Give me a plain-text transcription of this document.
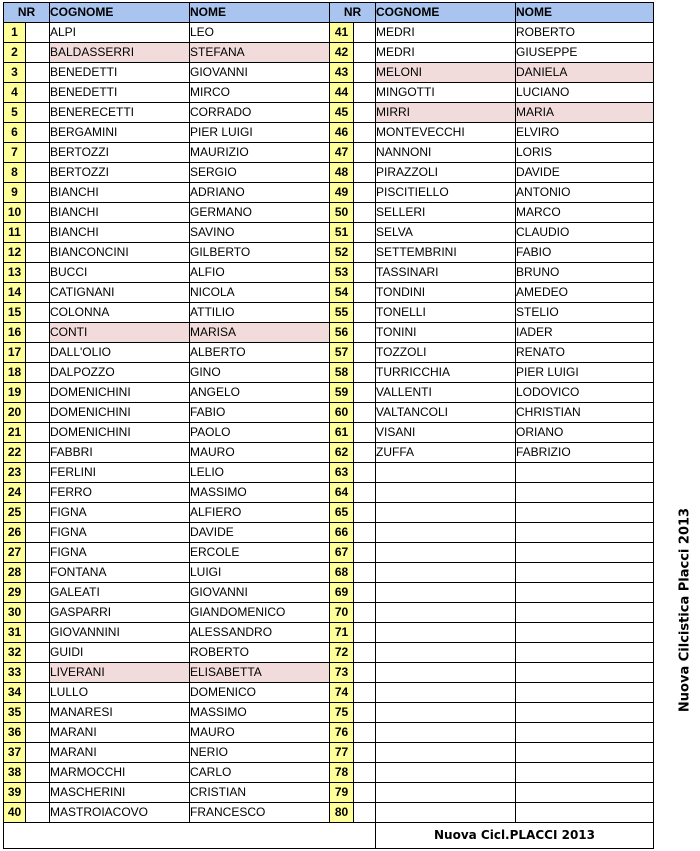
NR		COGNOME	NOME	NR		COGNOME	NOME
1		ALPI	LEO	41		MEDRI	ROBERTO
2		BALDASSERRI	STEFANA	42		MEDRI	GIUSEPPE
3		BENEDETTI	GIOVANNI	43		MELONI	DANIELA
4		BENEDETTI	MIRCO	44		MINGOTTI	LUCIANO
5		BENERECETTI	CORRADO	45		MIRRI	MARIA
6		BERGAMINI	PIER LUIGI	46		MONTEVECCHI	ELVIRO
7		BERTOZZI	MAURIZIO	47		NANNONI	LORIS
8		BERTOZZI	SERGIO	48		PIRAZZOLI	DAVIDE
9		BIANCHI	ADRIANO	49		PISCITIELLO	ANTONIO
10		BIANCHI	GERMANO	50		SELLERI	MARCO
11		BIANCHI	SAVINO	51		SELVA	CLAUDIO
12		BIANCONCINI	GILBERTO	52		SETTEMBRINI	FABIO
13		BUCCI	ALFIO	53		TASSINARI	BRUNO
14		CATIGNANI	NICOLA	54		TONDINI	AMEDEO
15		COLONNA	ATTILIO	55		TONELLI	STELIO
16		CONTI	MARISA	56		TONINI	IADER
17		DALL'OLIO	ALBERTO	57		TOZZOLI	RENATO
18		DALPOZZO	GINO	58		TURRICCHIA	PIER LUIGI
19		DOMENICHINI	ANGELO	59		VALLENTI	LODOVICO
20		DOMENICHINI	FABIO	60		VALTANCOLI	CHRISTIAN
21		DOMENICHINI	PAOLO	61		VISANI	ORIANO
22		FABBRI	MAURO	62		ZUFFA	FABRIZIO
23		FERLINI	LELIO	63			
24		FERRO	MASSIMO	64			
25		FIGNA	ALFIERO	65			
26		FIGNA	DAVIDE	66			
27		FIGNA	ERCOLE	67			
28		FONTANA	LUIGI	68			
29		GALEATI	GIOVANNI	69			
30		GASPARRI	GIANDOMENICO	70			
31		GIOVANNINI	ALESSANDRO	71			
32		GUIDI	ROBERTO	72			
33		LIVERANI	ELISABETTA	73			
34		LULLO	DOMENICO	74			
35		MANARESI	MASSIMO	75			
36		MARANI	MAURO	76			
37		MARANI	NERIO	77			
38		MARMOCCHI	CARLO	78			
39		MASCHERINI	CRISTIAN	79			
40		MASTROIACOVO	FRANCESCO	80			
						Nuova Cicl.PLACCI 2013	
Nuova Cilcistica Placci 2013
